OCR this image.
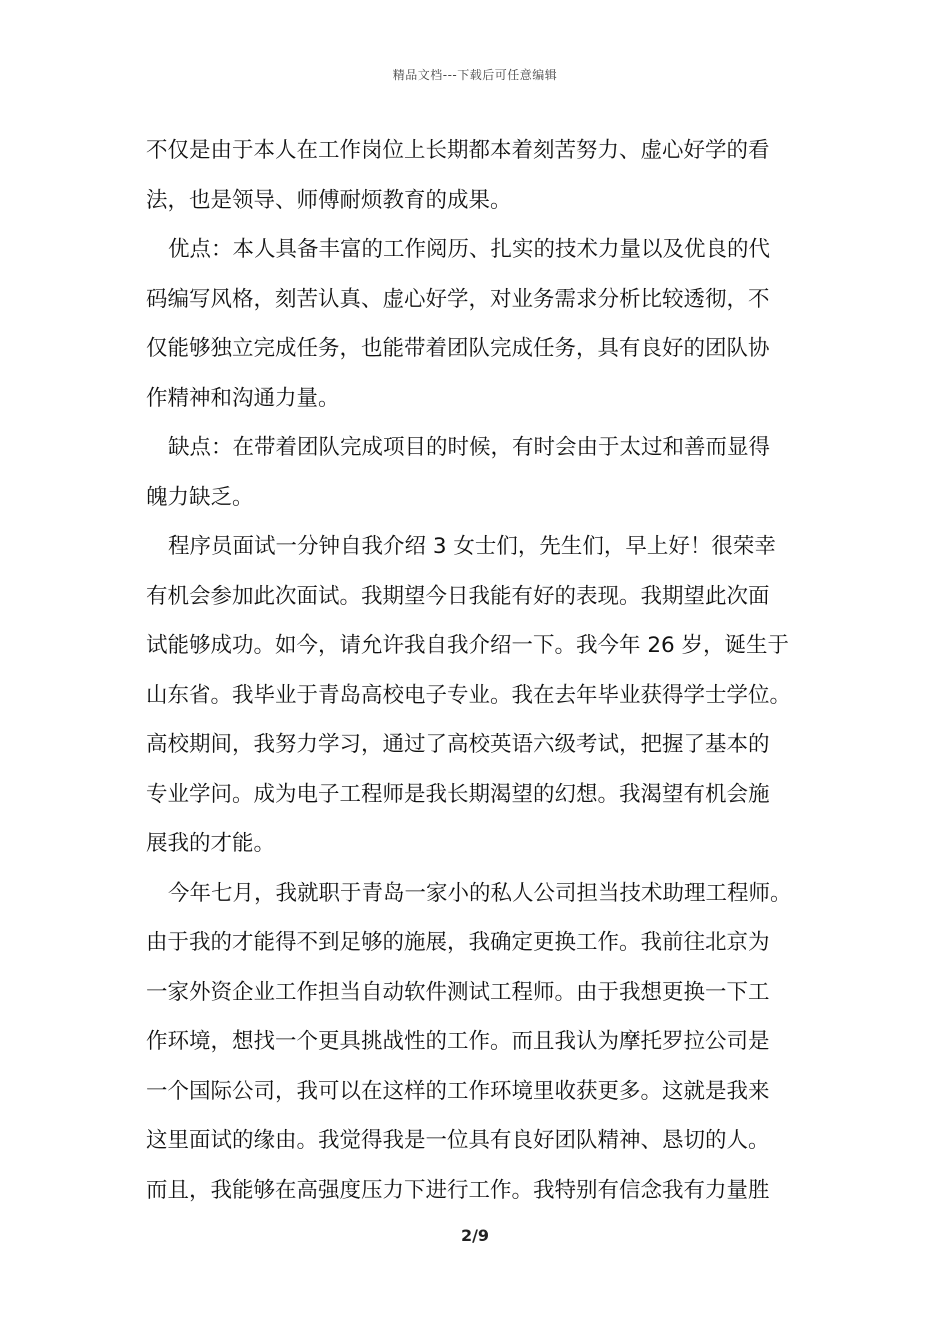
精品文档---下载后可任意编辑
不仅是由于本人在工作岗位上长期都本着刻苦努力、虚心好学的看
法，也是领导、师傅耐烦教育的成果。
优点：本人具备丰富的工作阅历、扎实的技术力量以及优良的代
码编写风格，刻苦认真、虚心好学，对业务需求分析比较透彻，不
仅能够独立完成任务，也能带着团队完成任务，具有良好的团队协
作精神和沟通力量。
缺点：在带着团队完成项目的时候，有时会由于太过和善而显得
魄力缺乏。
程序员面试一分钟自我介绍 3 女士们，先生们，早上好！很荣幸
有机会参加此次面试。我期望今日我能有好的表现。我期望此次面
试能够成功。如今，请允许我自我介绍一下。我今年 26 岁，诞生于
山东省。我毕业于青岛高校电子专业。我在去年毕业获得学士学位。
高校期间，我努力学习，通过了高校英语六级考试，把握了基本的
专业学问。成为电子工程师是我长期渴望的幻想。我渴望有机会施
展我的才能。
今年七月，我就职于青岛一家小的私人公司担当技术助理工程师。
由于我的才能得不到足够的施展，我确定更换工作。我前往北京为
一家外资企业工作担当自动软件测试工程师。由于我想更换一下工
作环境，想找一个更具挑战性的工作。而且我认为摩托罗拉公司是
一个国际公司，我可以在这样的工作环境里收获更多。这就是我来
这里面试的缘由。我觉得我是一位具有良好团队精神、恳切的人。
而且，我能够在高强度压力下进行工作。我特别有信念我有力量胜
2/9
